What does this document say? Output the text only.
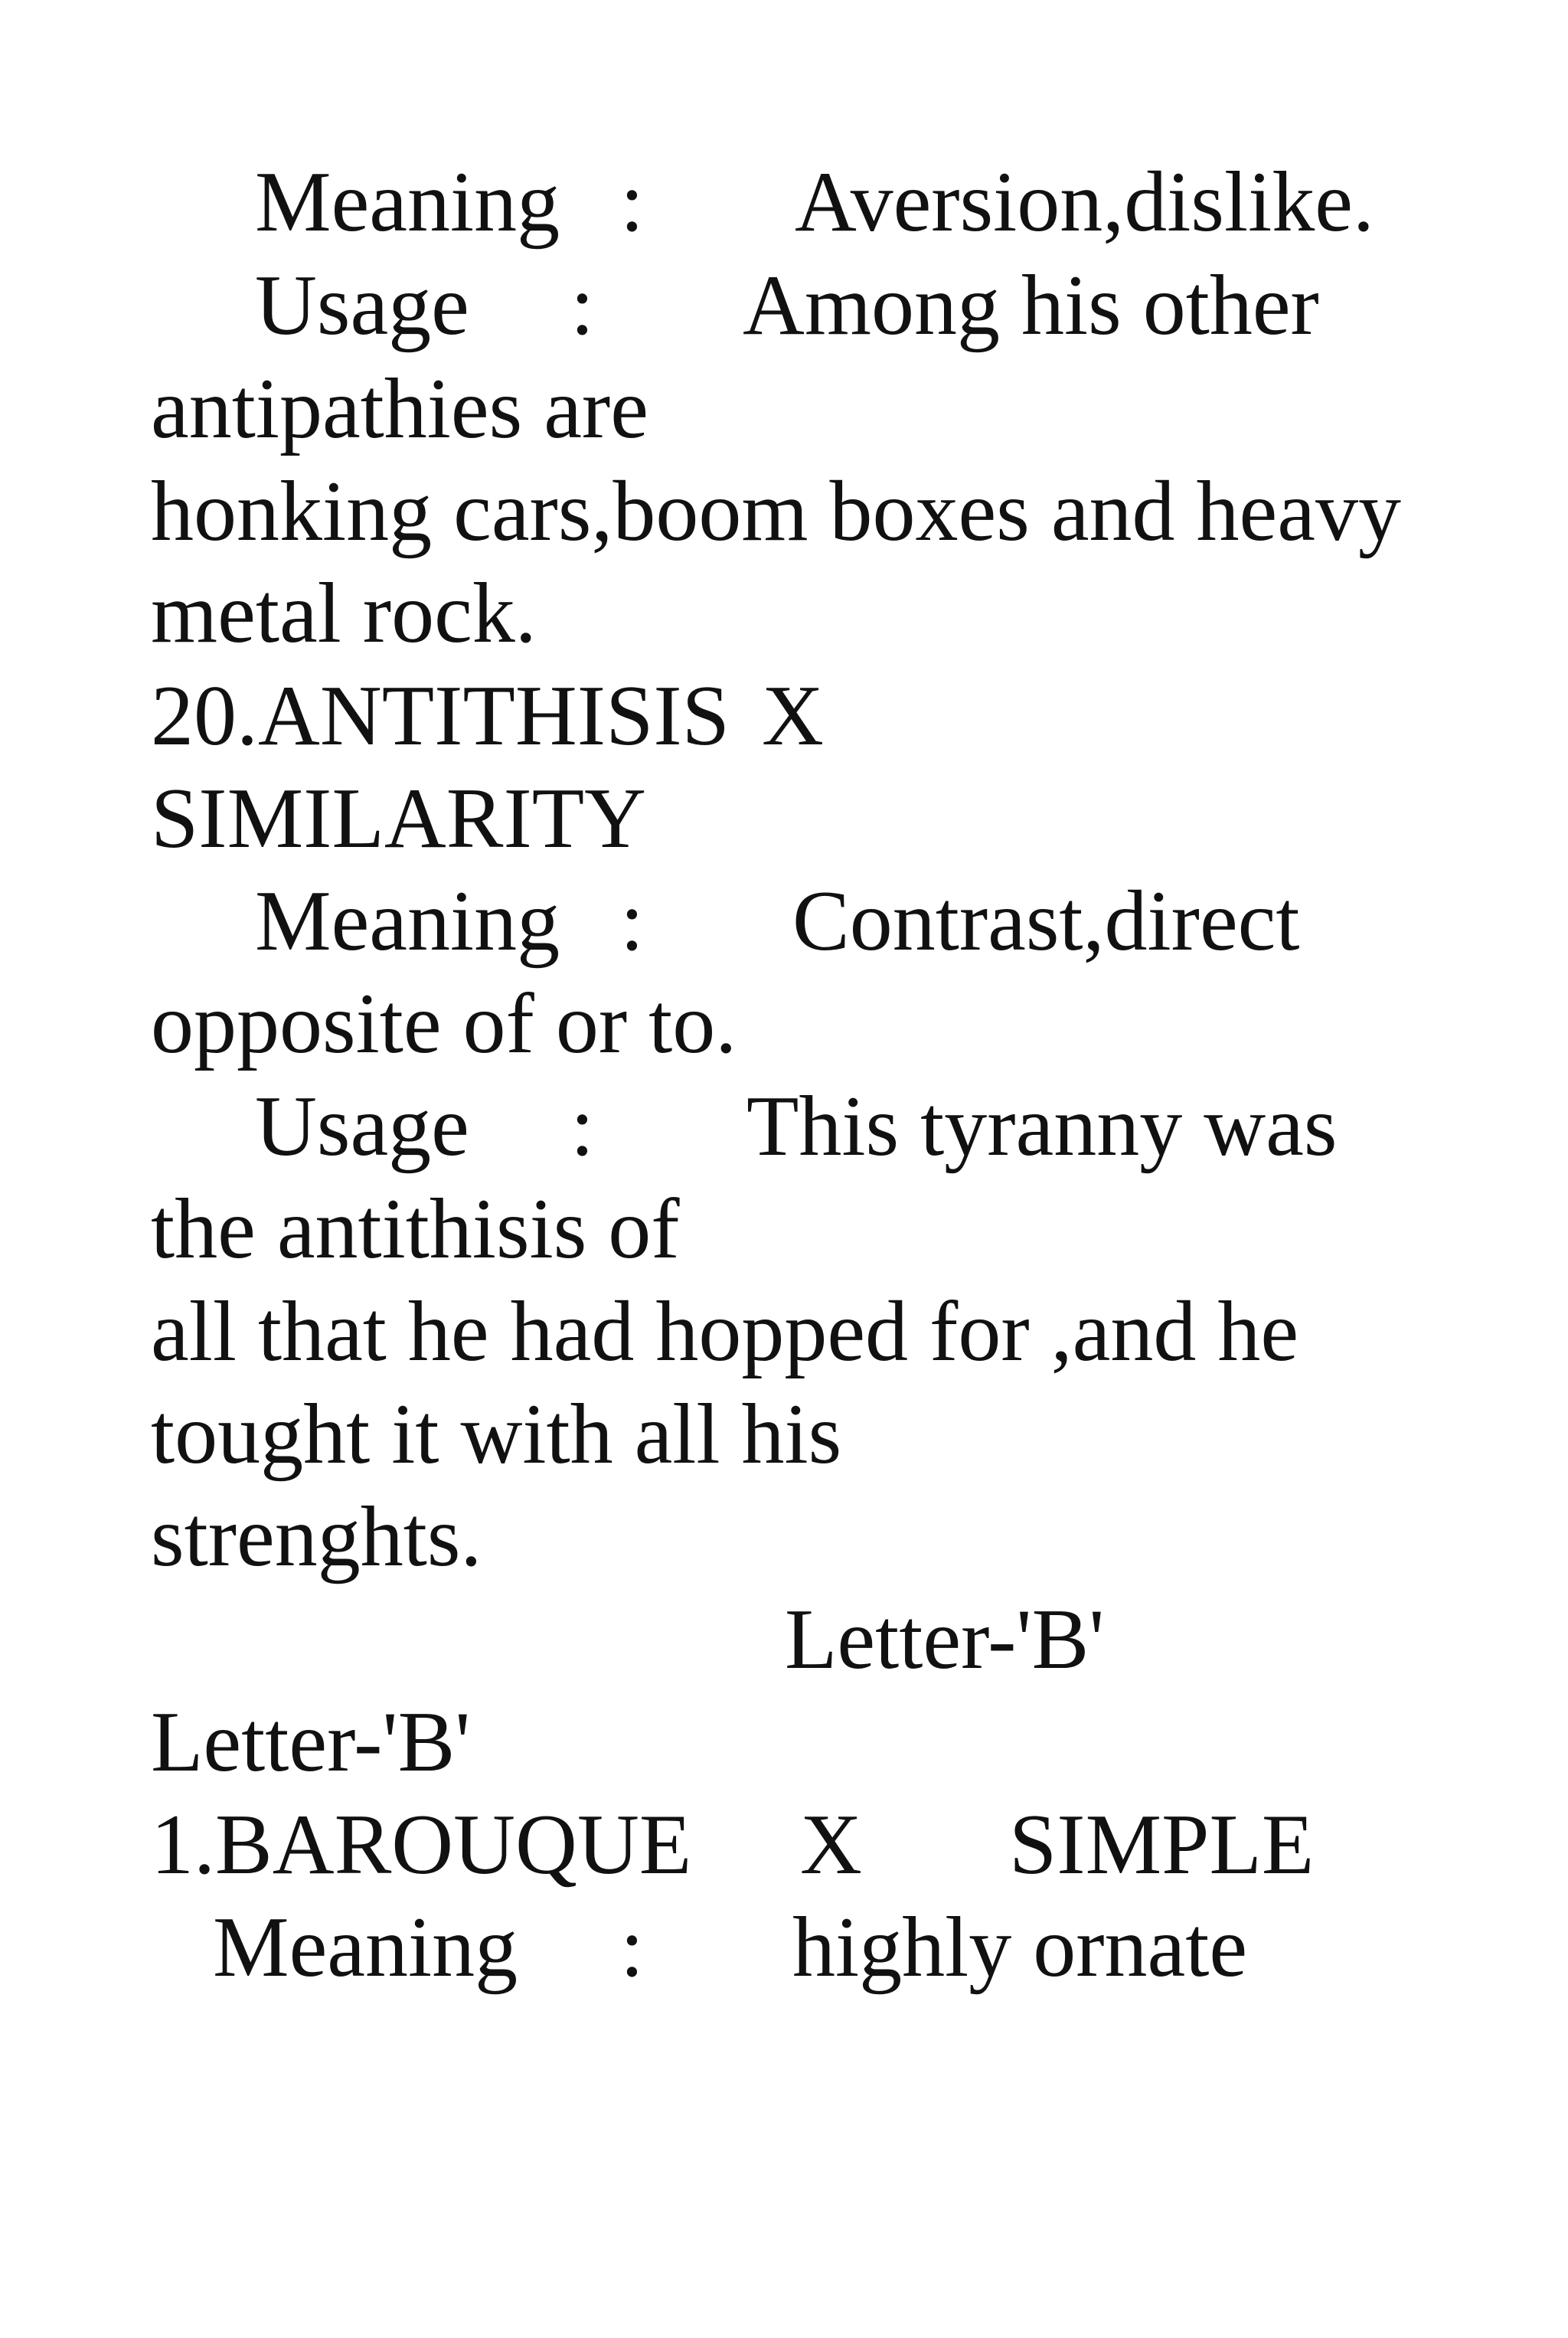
Meaning

:

Aversion,dislike.

Usage

:

Among his other

antipathies are
honking cars,boom boxes and heavy
metal rock.

20.ANTITHISIS

X

SIMILARITY

Meaning

:

Contrast,direct

opposite of or to.

Usage

:

This tyranny was

the antithisis of
all that he had hopped for ,and he
tought it with all his
strenghts.
Letter-'B'
Letter-'B'

1.BAROUQUE

X

SIMPLE

Meaning

:

highly ornate
